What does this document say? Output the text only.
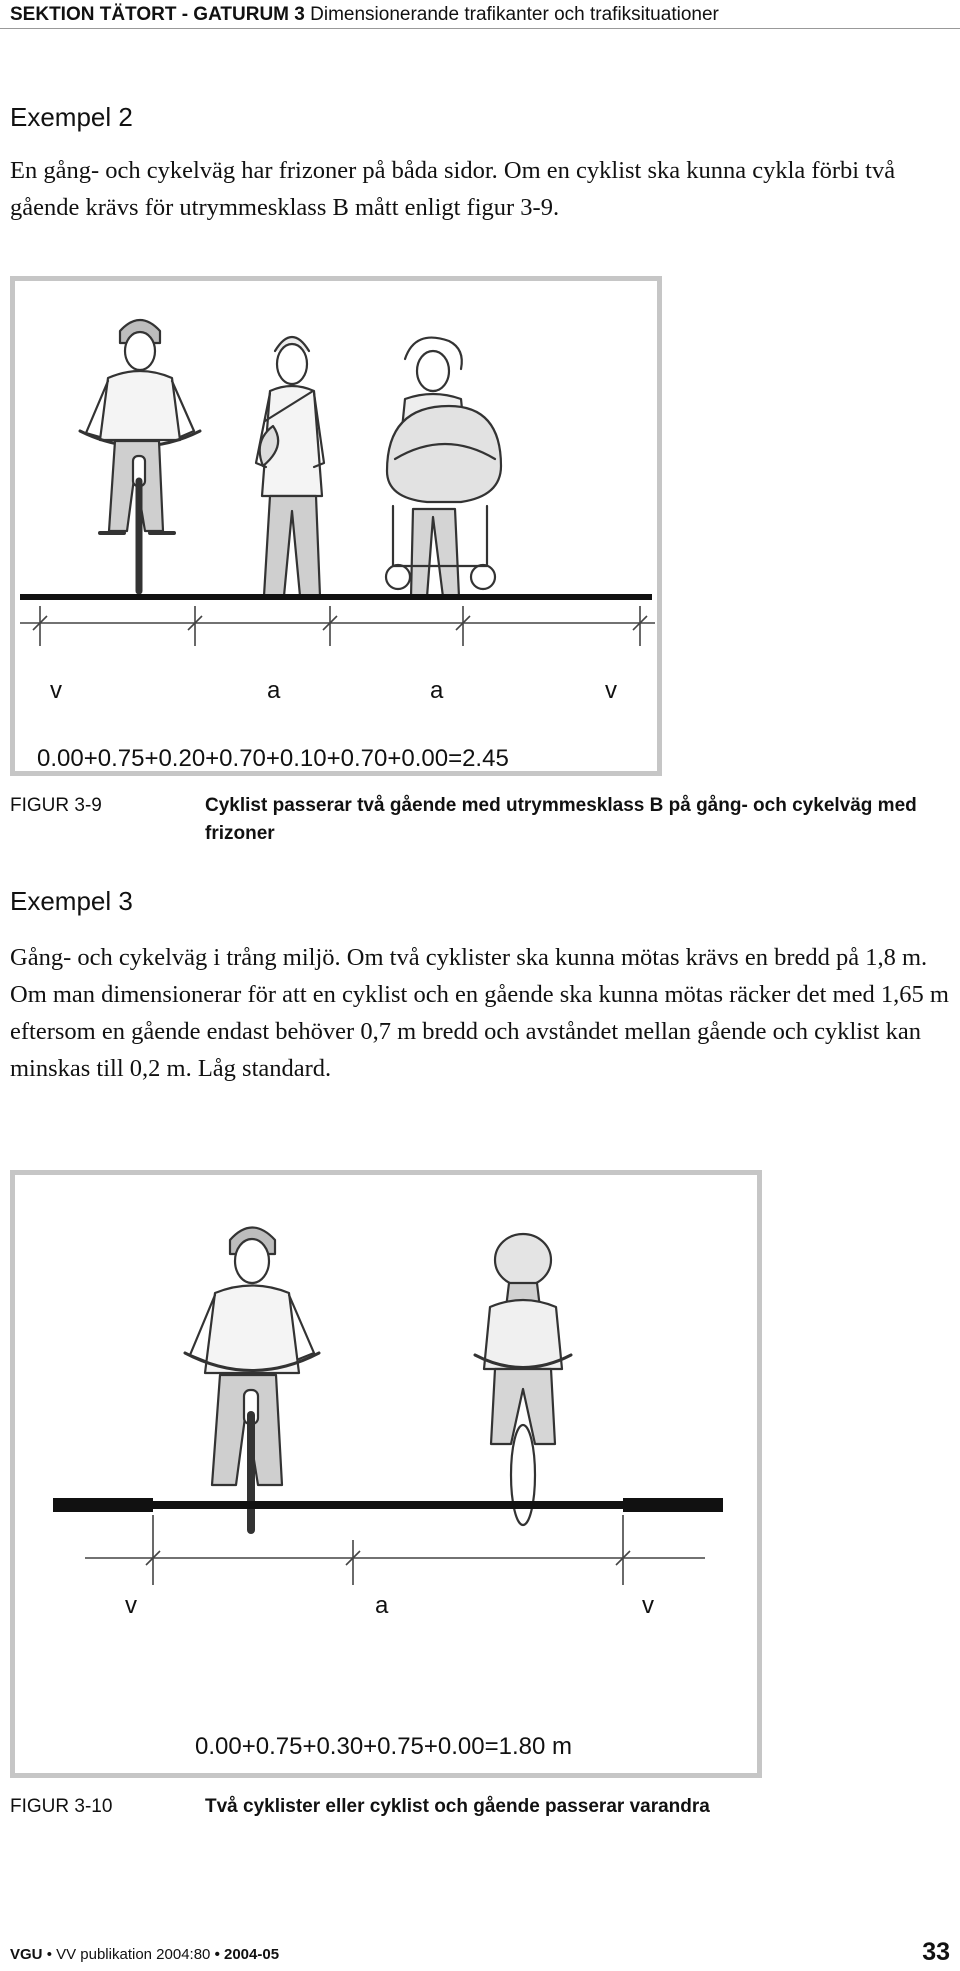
SEKTION TÄTORT - GATURUM 3 Dimensionerande trafikanter och trafiksituationer
Exempel 2
En gång- och cykelväg har frizoner på båda sidor. Om en cyklist ska kunna cykla förbi två gående krävs för utrymmesklass B mått enligt figur 3-9.
v	a	a	v
0.00+0.75+0.20+0.70+0.10+0.70+0.00=2.45
FIGUR 3-9	Cyklist passerar två gående med utrymmesklass B på gång- och cykelväg med frizoner
Exempel 3
Gång- och cykelväg i trång miljö. Om två cyklister ska kunna mötas krävs en bredd på 1,8 m. Om man dimensionerar för att en cyklist och en gående ska kunna mötas räcker det med 1,65 m eftersom en gående endast behöver 0,7 m bredd och avståndet mellan gående och cyklist kan minskas till 0,2 m. Låg standard.
v	a	v
0.00+0.75+0.30+0.75+0.00=1.80 m
FIGUR 3-10	Två cyklister eller cyklist och gående passerar varandra
VGU • VV publikation 2004:80 • 2004-05	33
